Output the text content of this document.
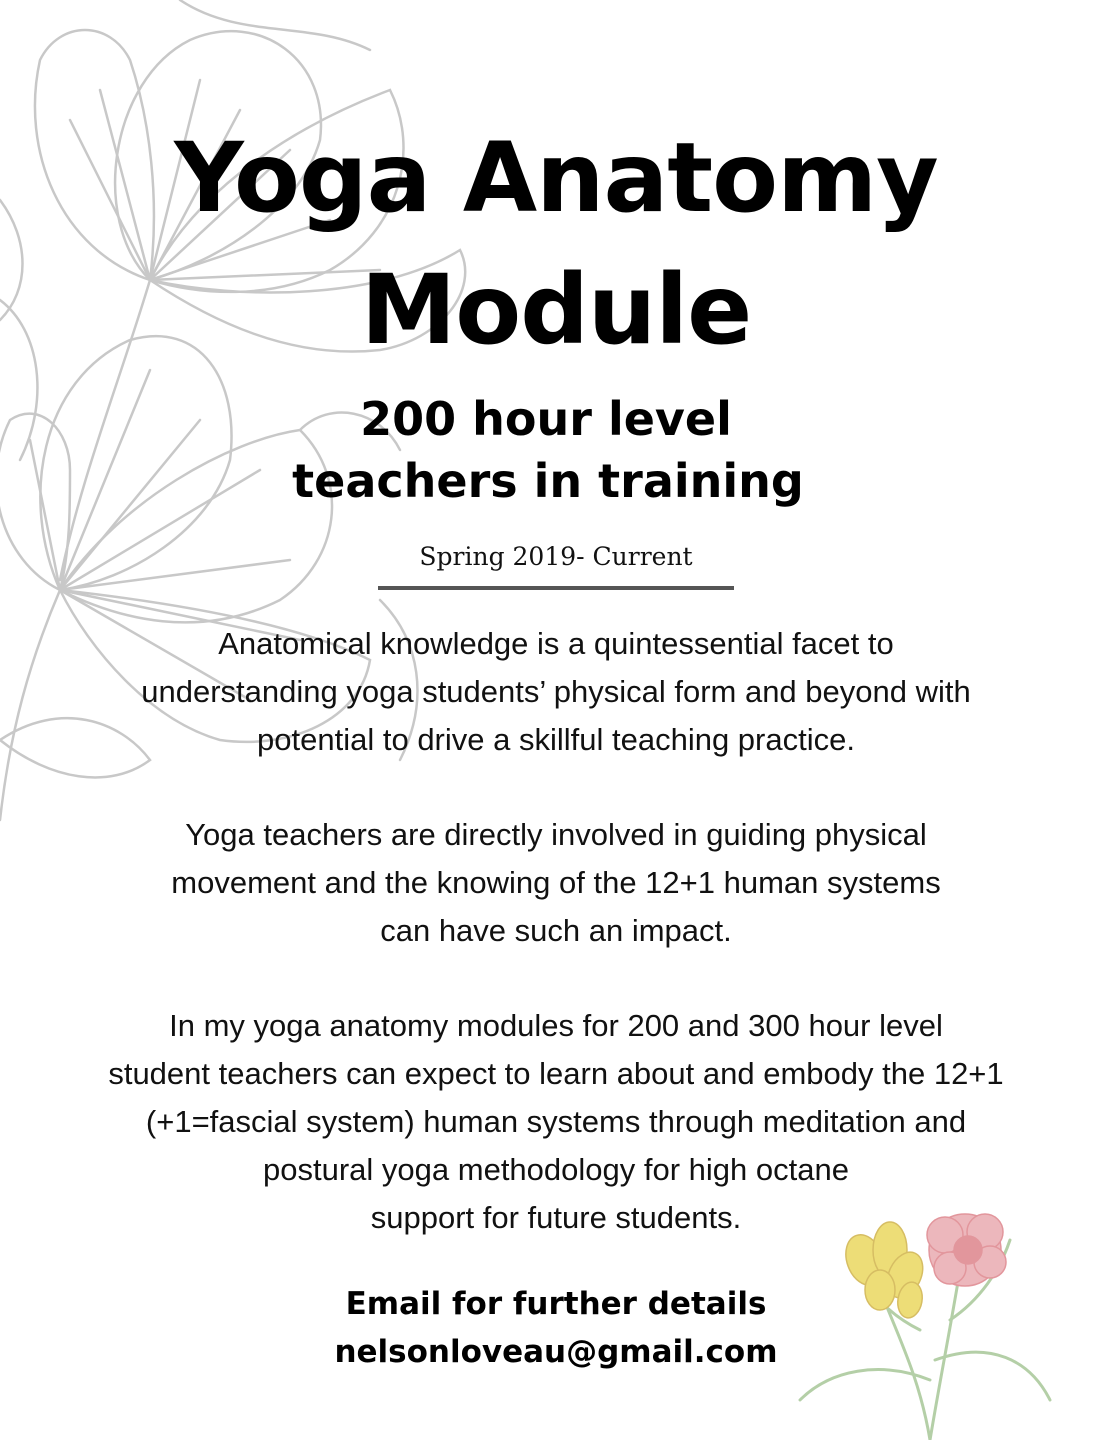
Yoga Anatomy
Module
200 hour level
teachers in training
Spring 2019- Current
Anatomical knowledge is a quintessential facet to
understanding yoga students’ physical form and beyond with
potential to drive a skillful teaching practice.
Yoga teachers are directly involved in guiding physical
movement and the knowing of the 12+1 human systems
can have such an impact.
In my yoga anatomy modules for 200 and 300 hour level
student teachers can expect to learn about and embody the 12+1
(+1=fascial system) human systems through meditation and
postural yoga methodology for high octane
support for future students.
Email for further details
nelsonloveau@gmail.com
